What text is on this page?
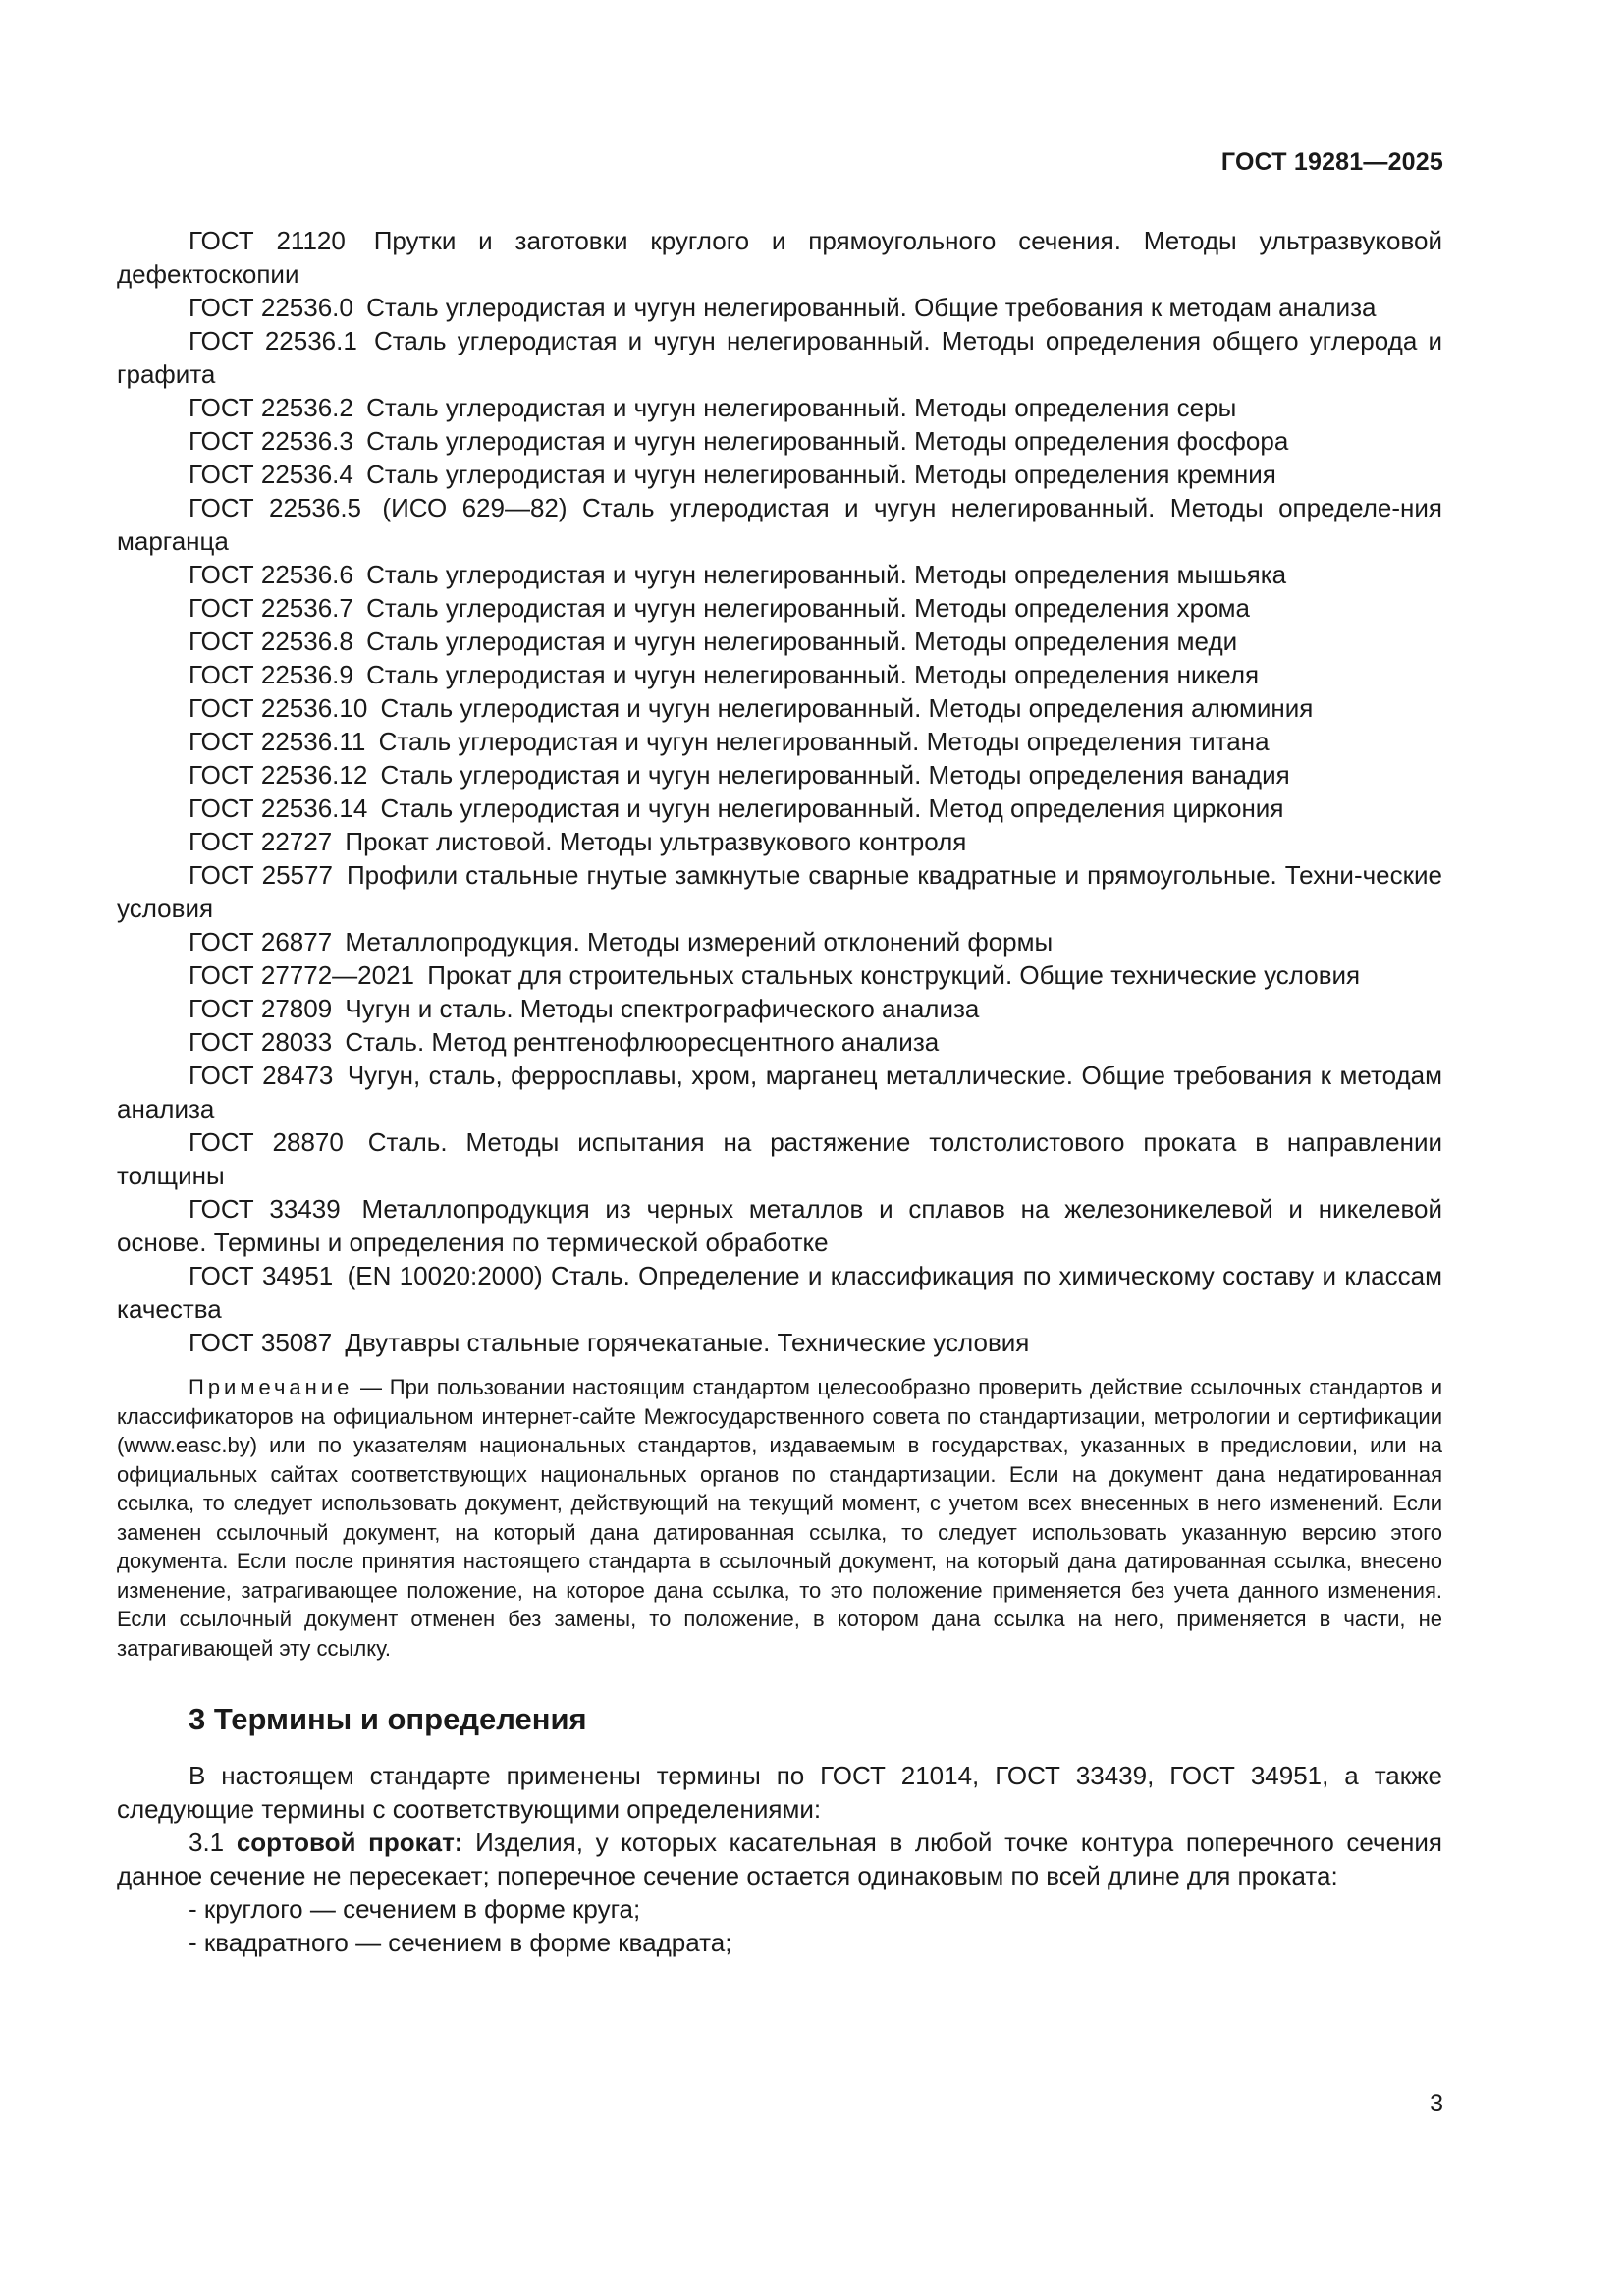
ГОСТ 19281—2025

ГОСТ 21120 Прутки и заготовки круглого и прямоугольного сечения. Методы ультразвуковой дефектоскопии

ГОСТ 22536.0 Сталь углеродистая и чугун нелегированный. Общие требования к методам анализа

ГОСТ 22536.1 Сталь углеродистая и чугун нелегированный. Методы определения общего углерода и графита

ГОСТ 22536.2 Сталь углеродистая и чугун нелегированный. Методы определения серы

ГОСТ 22536.3 Сталь углеродистая и чугун нелегированный. Методы определения фосфора

ГОСТ 22536.4 Сталь углеродистая и чугун нелегированный. Методы определения кремния

ГОСТ 22536.5 (ИСО 629—82) Сталь углеродистая и чугун нелегированный. Методы определе-ния марганца

ГОСТ 22536.6 Сталь углеродистая и чугун нелегированный. Методы определения мышьяка

ГОСТ 22536.7 Сталь углеродистая и чугун нелегированный. Методы определения хрома

ГОСТ 22536.8 Сталь углеродистая и чугун нелегированный. Методы определения меди

ГОСТ 22536.9 Сталь углеродистая и чугун нелегированный. Методы определения никеля

ГОСТ 22536.10 Сталь углеродистая и чугун нелегированный. Методы определения алюминия

ГОСТ 22536.11 Сталь углеродистая и чугун нелегированный. Методы определения титана

ГОСТ 22536.12 Сталь углеродистая и чугун нелегированный. Методы определения ванадия

ГОСТ 22536.14 Сталь углеродистая и чугун нелегированный. Метод определения циркония

ГОСТ 22727 Прокат листовой. Методы ультразвукового контроля

ГОСТ 25577 Профили стальные гнутые замкнутые сварные квадратные и прямоугольные. Техни-ческие условия

ГОСТ 26877 Металлопродукция. Методы измерений отклонений формы

ГОСТ 27772—2021 Прокат для строительных стальных конструкций. Общие технические условия

ГОСТ 27809 Чугун и сталь. Методы спектрографического анализа

ГОСТ 28033 Сталь. Метод рентгенофлюоресцентного анализа

ГОСТ 28473 Чугун, сталь, ферросплавы, хром, марганец металлические. Общие требования к методам анализа

ГОСТ 28870 Сталь. Методы испытания на растяжение толстолистового проката в направлении толщины

ГОСТ 33439 Металлопродукция из черных металлов и сплавов на железоникелевой и никелевой основе. Термины и определения по термической обработке

ГОСТ 34951 (EN 10020:2000) Сталь. Определение и классификация по химическому составу и классам качества

ГОСТ 35087 Двутавры стальные горячекатаные. Технические условия

Примечание — При пользовании настоящим стандартом целесообразно проверить действие ссылочных стандартов и классификаторов на официальном интернет-сайте Межгосударственного совета по стандартизации, метрологии и сертификации (www.easc.by) или по указателям национальных стандартов, издаваемым в государствах, указанных в предисловии, или на официальных сайтах соответствующих национальных органов по стандартизации. Если на документ дана недатированная ссылка, то следует использовать документ, действующий на текущий момент, с учетом всех внесенных в него изменений. Если заменен ссылочный документ, на который дана датированная ссылка, то следует использовать указанную версию этого документа. Если после принятия настоящего стандарта в ссылочный документ, на который дана датированная ссылка, внесено изменение, затрагивающее положение, на которое дана ссылка, то это положение применяется без учета данного изменения. Если ссылочный документ отменен без замены, то положение, в котором дана ссылка на него, применяется в части, не затрагивающей эту ссылку.
3 Термины и определения

В настоящем стандарте применены термины по ГОСТ 21014, ГОСТ 33439, ГОСТ 34951, а также следующие термины с соответствующими определениями:

3.1 сортовой прокат: Изделия, у которых касательная в любой точке контура поперечного сечения данное сечение не пересекает; поперечное сечение остается одинаковым по всей длине для проката:

- круглого — сечением в форме круга;

- квадратного — сечением в форме квадрата;

3
